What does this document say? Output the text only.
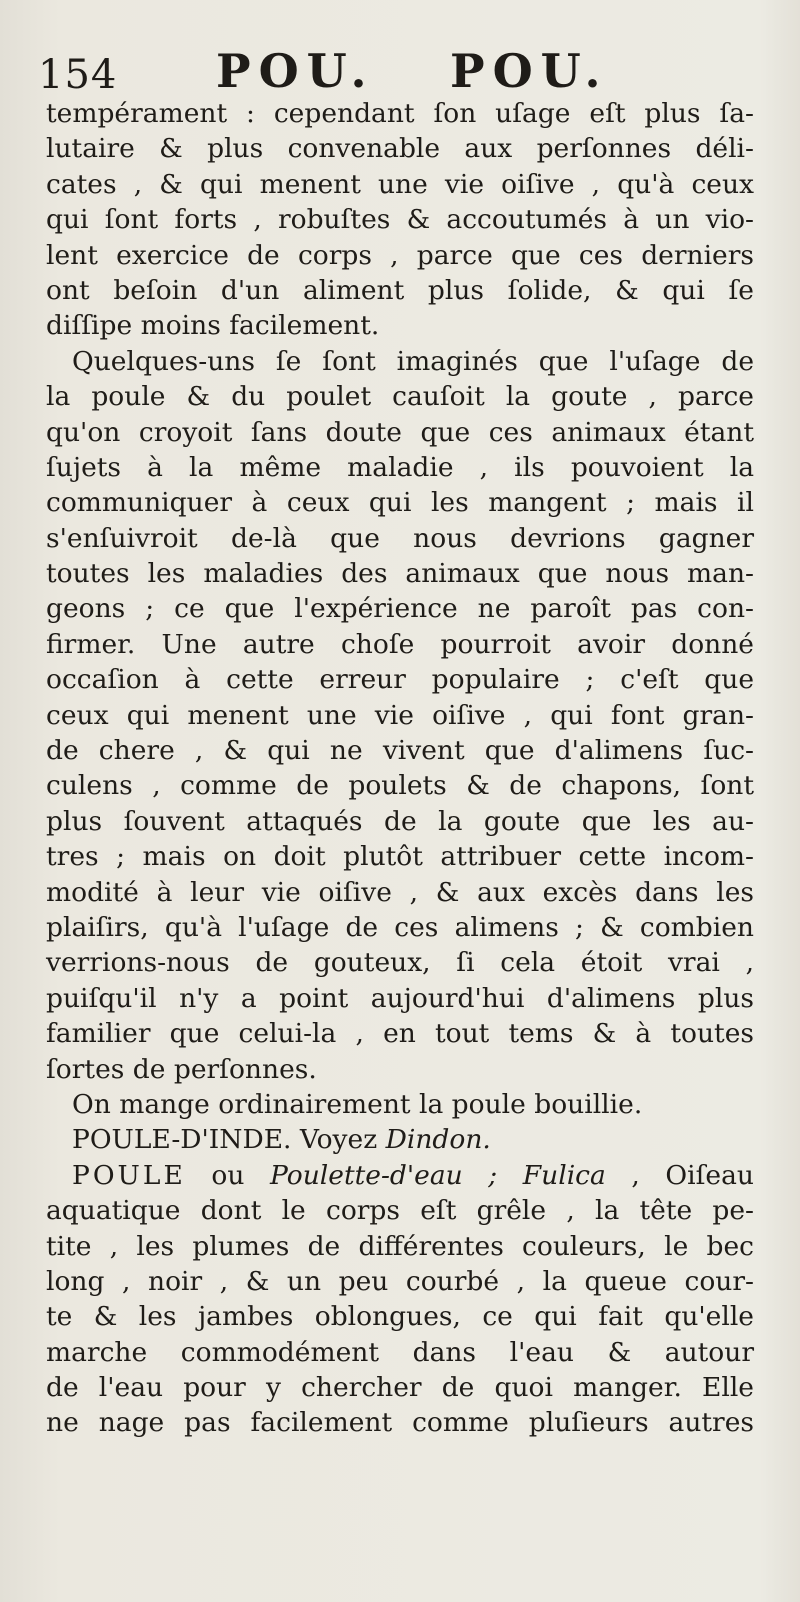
154 POU. POU.
tempérament : cependant ſon uſage eſt plus ſa-
lutaire & plus convenable aux perſonnes déli-
cates , & qui menent une vie oiſive , qu'à ceux
qui ſont forts , robuſtes & accoutumés à un vio-
lent exercice de corps , parce que ces derniers
ont beſoin d'un aliment plus ſolide, & qui ſe
diſſipe moins facilement.
Quelques-uns ſe ſont imaginés que l'uſage de
la poule & du poulet cauſoit la goute , parce
qu'on croyoit ſans doute que ces animaux étant
ſujets à la même maladie , ils pouvoient la
communiquer à ceux qui les mangent ; mais il
s'enſuivroit de-là que nous devrions gagner
toutes les maladies des animaux que nous man-
geons ; ce que l'expérience ne paroît pas con-
firmer. Une autre choſe pourroit avoir donné
occaſion à cette erreur populaire ; c'eſt que
ceux qui menent une vie oiſive , qui font gran-
de chere , & qui ne vivent que d'alimens ſuc-
culens , comme de poulets & de chapons, ſont
plus ſouvent attaqués de la goute que les au-
tres ; mais on doit plutôt attribuer cette incom-
modité à leur vie oiſive , & aux excès dans les
plaiſirs, qu'à l'uſage de ces alimens ; & combien
verrions-nous de gouteux, ſi cela étoit vrai ,
puiſqu'il n'y a point aujourd'hui d'alimens plus
familier que celui-la , en tout tems & à toutes
ſortes de perſonnes.
On mange ordinairement la poule bouillie.
POULE-D'INDE. Voyez Dindon.
POULE ou Poulette-d'eau ; Fulica , Oiſeau
aquatique dont le corps eſt grêle , la tête pe-
tite , les plumes de différentes couleurs, le bec
long , noir , & un peu courbé , la queue cour-
te & les jambes oblongues, ce qui fait qu'elle
marche commodément dans l'eau & autour
de l'eau pour y chercher de quoi manger. Elle
ne nage pas facilement comme pluſieurs autres
